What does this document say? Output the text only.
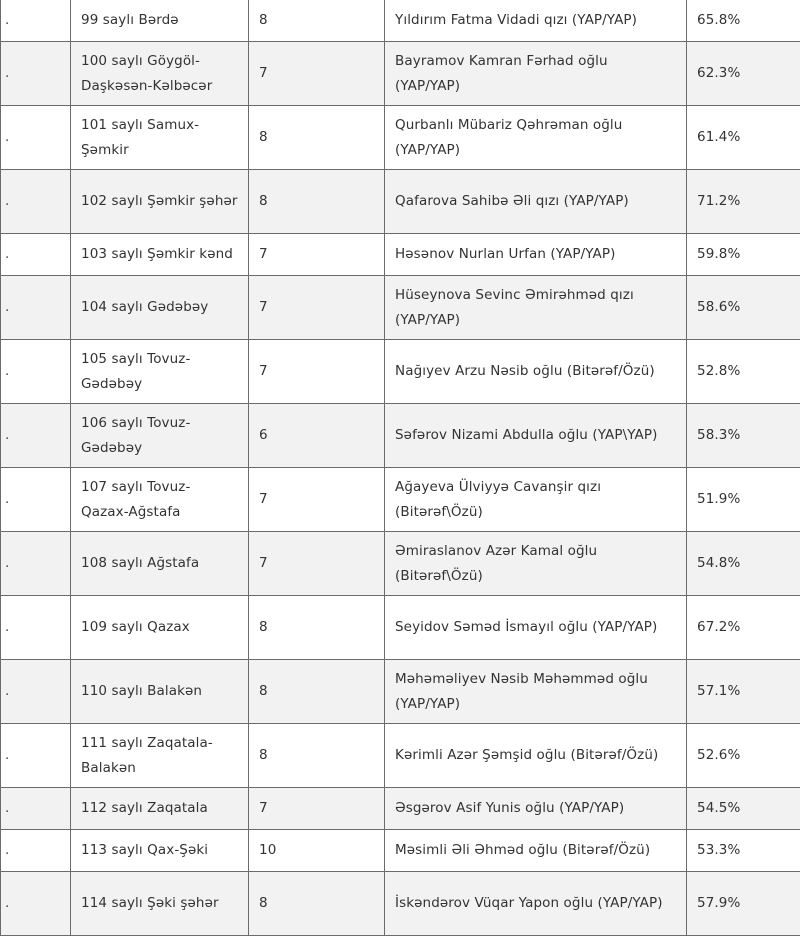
.	99 saylı Bərdə	8	Yıldırım Fatma Vidadi qızı (YAP/YAP)	65.8%
.	100 saylı Göygöl-Daşkəsən-Kəlbəcər	7	Bayramov Kamran Fərhad oğlu (YAP/YAP)	62.3%
.	101 saylı Samux-Şəmkir	8	Qurbanlı Mübariz Qəhrəman oğlu (YAP/YAP)	61.4%
.	102 saylı Şəmkir şəhər	8	Qafarova Sahibə Əli qızı (YAP/YAP)	71.2%
.	103 saylı Şəmkir kənd	7	Həsənov Nurlan Urfan (YAP/YAP)	59.8%
.	104 saylı Gədəbəy	7	Hüseynova Sevinc Əmirəhməd qızı (YAP/YAP)	58.6%
.	105 saylı Tovuz-Gədəbəy	7	Nağıyev Arzu Nəsib oğlu (Bitərəf/Özü)	52.8%
.	106 saylı Tovuz-Gədəbəy	6	Səfərov Nizami Abdulla oğlu (YAP\YAP)	58.3%
.	107 saylı Tovuz-Qazax-Ağstafa	7	Ağayeva Ülviyyə Cavanşir qızı (Bitərəf\Özü)	51.9%
.	108 saylı Ağstafa	7	Əmiraslanov Azər Kamal oğlu (Bitərəf\Özü)	54.8%
.	109 saylı Qazax	8	Seyidov Səməd İsmayıl oğlu (YAP/YAP)	67.2%
.	110 saylı Balakən	8	Məhəməliyev Nəsib Məhəmməd oğlu (YAP/YAP)	57.1%
.	111 saylı Zaqatala-Balakən	8	Kərimli Azər Şəmşid oğlu (Bitərəf/Özü)	52.6%
.	112 saylı Zaqatala	7	Əsgərov Asif Yunis oğlu (YAP/YAP)	54.5%
.	113 saylı Qax-Şəki	10	Məsimli Əli Əhməd oğlu (Bitərəf/Özü)	53.3%
.	114 saylı Şəki şəhər	8	İskəndərov Vüqar Yapon oğlu (YAP/YAP)	57.9%
